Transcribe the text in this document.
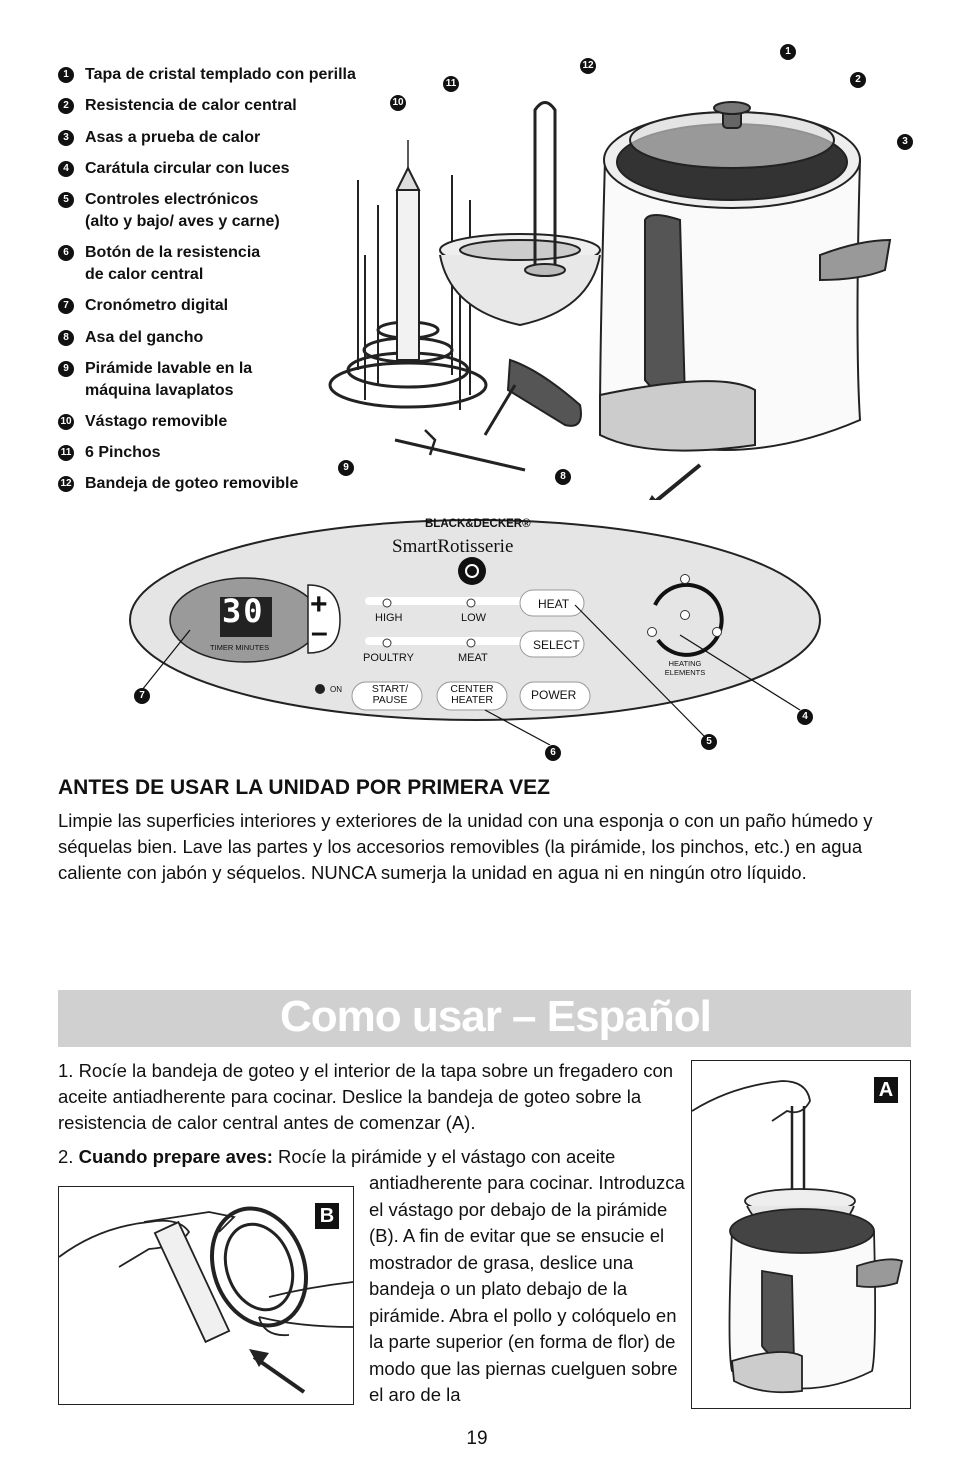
1	Tapa de cristal templado con perilla
2	Resistencia de calor central
3	Asas a prueba de calor
4	Carátula circular con luces
5	Controles electrónicos
(alto y bajo/ aves y carne)
6	Botón de la resistencia
de calor central
7	Cronómetro digital
8	Asa del gancho
9	Pirámide lavable en la
máquina lavaplatos
10 Vástago removible
11 6 Pinchos
12 Bandeja de goteo removible
1
2
3
4
5
6
7
8
9
10
11
12
BLACK&DECKER®
SmartRotisserie
30
TIMER MINUTES
+
–	HIGH	LOW
HEAT
POULTRY	MEAT
SELECT
ON	START/
PAUSE
CENTER
HEATER	POWER
HEATING
ELEMENTS
ANTES DE USAR LA UNIDAD POR PRIMERA VEZ
Limpie las superficies interiores y exteriores de la unidad con una esponja o con un paño húmedo y séquelas bien. Lave las partes y los accesorios removibles (la pirámide, los pinchos, etc.) en agua caliente con jabón y séquelos. NUNCA sumerja la unidad en agua ni en ningún otro líquido.
Como usar – Español
1. Rocíe la bandeja de goteo y el interior de la tapa sobre un fregadero con aceite antiadherente para cocinar. Deslice la bandeja de goteo sobre la resistencia de calor central antes de comenzar (A).
2. Cuando prepare aves: Rocíe la pirámide y el vástago con aceite
antiadherente para cocinar. Introduzca el vástago por debajo de la pirámide (B). A fin de evitar que se ensucie el mostrador de grasa, deslice una bandeja o un plato debajo de la pirámide. Abra el pollo y colóquelo en la parte superior (en forma de flor) de modo que las piernas cuelguen sobre el aro de la
B
A
19
